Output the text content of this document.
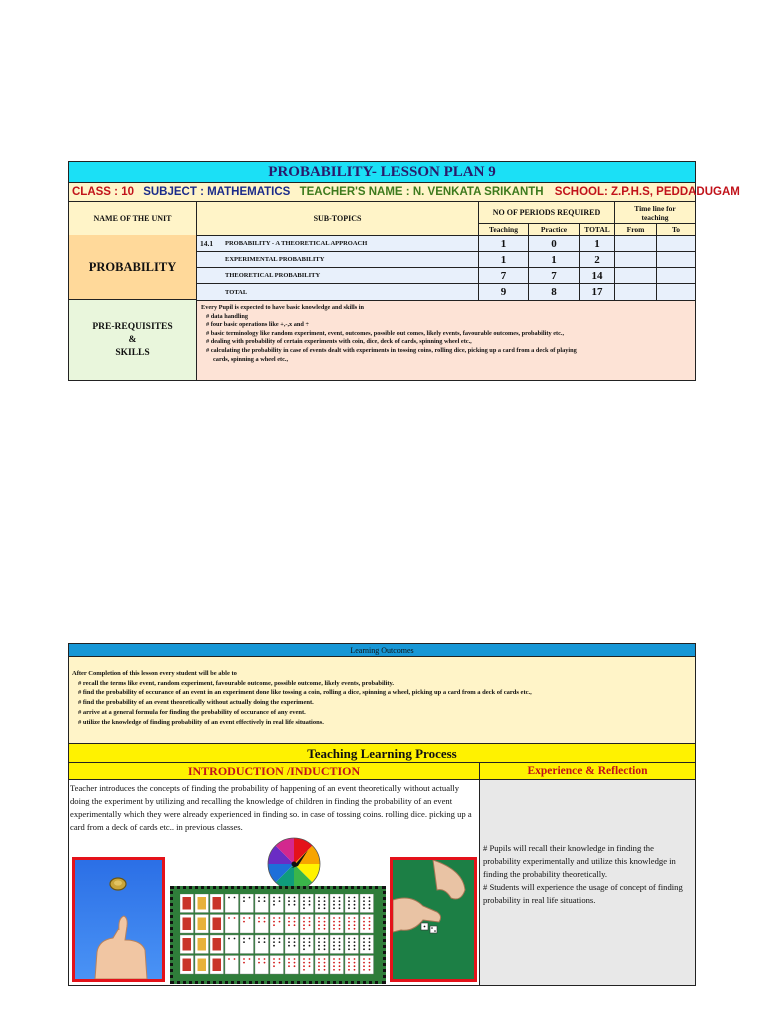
PROBABILITY- LESSON PLAN 9
CLASS : 10 SUBJECT : MATHEMATICS TEACHER'S NAME : N. VENKATA SRIKANTH SCHOOL: Z.P.H.S, PEDDADUGAM
NAME OF THE UNIT	SUB-TOPICS
NO OF PERIODS REQUIRED	Time line for teaching
Teaching	Practice	TOTAL	From	To
PROBABILITY
14.1	PROBABILITY - A THEORETICAL APPROACH	1	0	1
EXPERIMENTAL PROBABILITY	1	1	2
THEORETICAL PROBABILITY	7	7	14
TOTAL	9	8	17
PRE-REQUISITES
&
SKILLS
Every Pupil is expected to have basic knowledge and skills in
# data handling
# four basic operations like +,-,x and ÷
# basic terminology like random experiment, event, outcomes, possible out comes, likely events, favourable outcomes, probability etc.,
# dealing with probability of certain experiments with coin, dice, deck of cards, spinning wheel etc.,
# calculating the probability in case of events dealt with experiments in tossing coins, rolling dice, picking up a card from a deck of playing
cards, spinning a wheel etc.,
Learning Outcomes
After Completion of this lesson every student will be able to
# recall the terms like event, random experiment, favourable outcome, possible outcome, likely events, probability.
# find the probability of occurance of an event in an experiment done like tossing a coin, rolling a dice, spinning a wheel, picking up a card from a deck of cards etc.,
# find the probability of an event theoretically without actually doing the experiment.
# arrive at a general formula for finding the probability of occurance of any event.
# utilize the knowledge of finding probability of an event effectively in real life situations.
Teaching Learning Process
INTRODUCTION /INDUCTION	Experience & Reflection
Teacher introduces the concepts of finding the probability of happening of an event theoretically without actually doing the experiment by utilizing and recalling the knowledge of children in finding the probability of an event experimentally which they were already experienced in finding so. in case of tossing coins. rolling dice. picking up a card from a deck of cards etc.. in previous classes.
# Pupils will recall their knowledge in finding the probability experimentally and utilize this knowledge in finding the probability theoretically.
# Students will experience the usage of concept of finding probability in real life situations.
